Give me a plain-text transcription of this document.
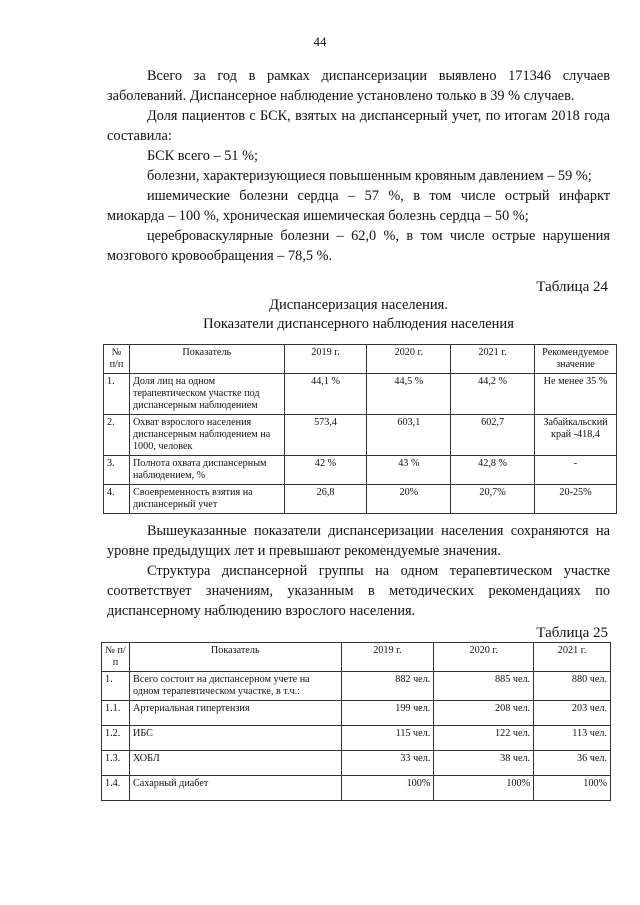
44

Всего за год в рамках диспансеризации выявлено 171346 случаев заболеваний. Диспансерное наблюдение установлено только в 39 % случаев.

Доля пациентов с БСК, взятых на диспансерный учет, по итогам 2018 года составила:

БСК всего – 51 %;

болезни, характеризующиеся повышенным кровяным давлением – 59 %;

ишемические болезни сердца – 57 %, в том числе острый инфаркт миокарда – 100 %, хроническая ишемическая болезнь сердца – 50 %;

цереброваскулярные болезни – 62,0 %, в том числе острые нарушения мозгового кровообращения – 78,5 %.

Таблица 24
Диспансеризация населения.
Показатели диспансерного наблюдения населения
№ п/п	Показатель	2019 г.	2020 г.	2021 г.	Рекомендуемое значение
1.	Доля лиц на одном терапевтическом участке под диспансерным наблюдением	44,1 %	44,5 %	44,2 %	Не менее 35 %
2.	Охват взрослого населения диспансерным наблюдением на 1000, человек	573,4	603,1	602,7	Забайкальский край -418,4
3.	Полнота охвата диспансерным наблюдением, %	42 %	43 %	42,8 %	-
4.	Своевременность взятия на диспансерный учет	26,8	20%	20,7%	20-25%

Вышеуказанные показатели диспансеризации населения сохраняются на уровне предыдущих лет и превышают рекомендуемые значения.

Структура диспансерной группы на одном терапевтическом участке соответствует значениям, указанным в методических рекомендациях по диспансерному наблюдению взрослого населения.

Таблица 25
№ п/п	Показатель	2019 г.	2020 г.	2021 г.
1.	Всего состоит на диспансерном учете на одном терапевтическом участке, в т.ч.:	882 чел.	885 чел.	880 чел.
1.1.	Артериальная гипертензия	199 чел.	208 чел.	203 чел.
1.2.	ИБС	115 чел.	122 чел.	113 чел.
1.3.	ХОБЛ	33 чел.	38 чел.	36 чел.
1.4.	Сахарный диабет	100%	100%	100%
